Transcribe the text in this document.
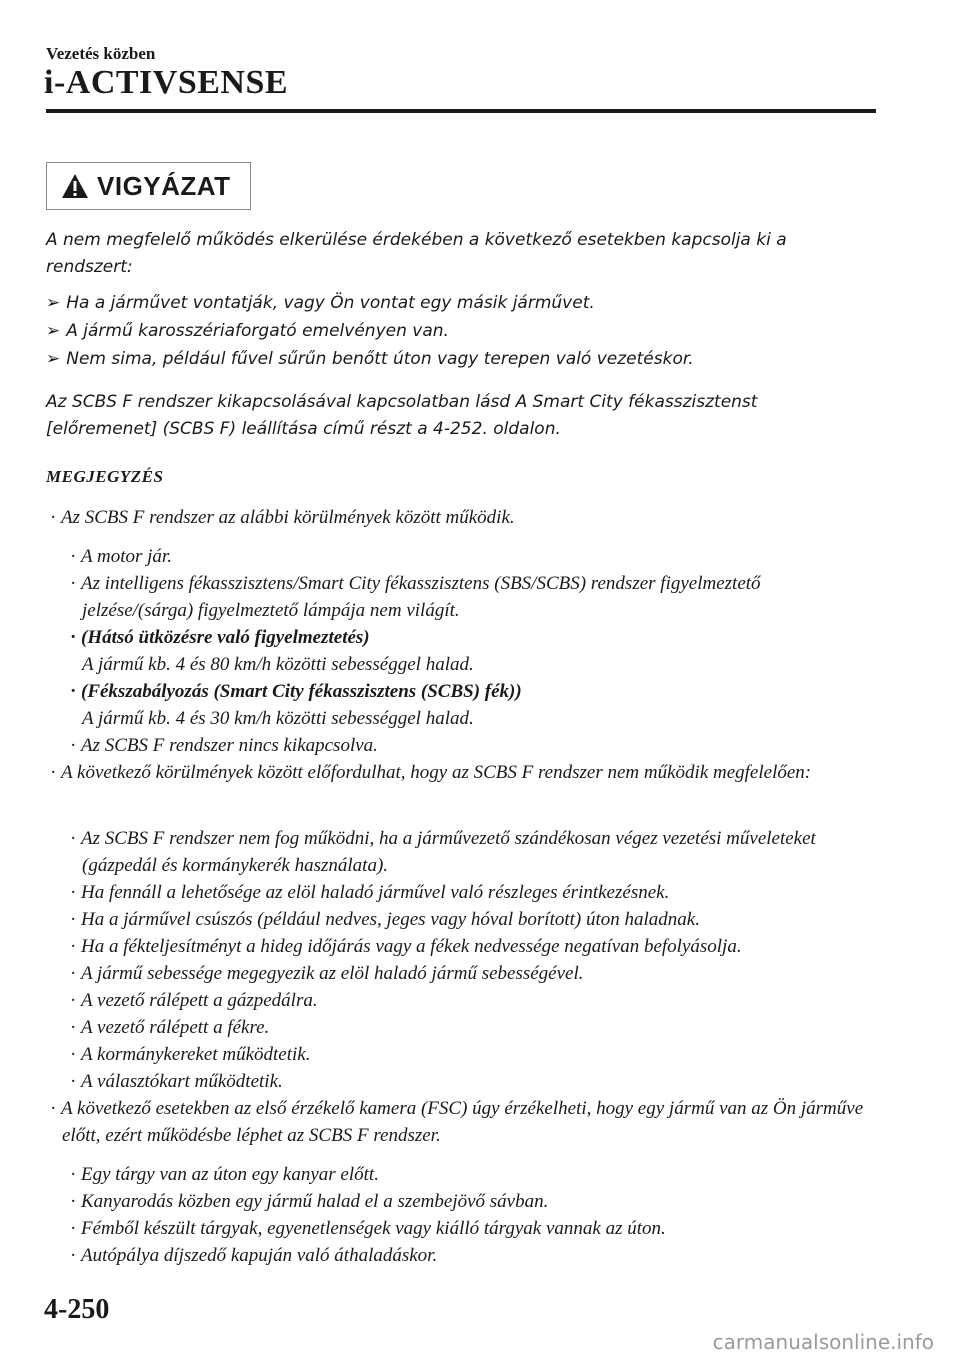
Vezetés közben
i-ACTIVSENSE
VIGYÁZAT
A nem megfelelő működés elkerülése érdekében a következő esetekben kapcsolja ki a rendszert:
➢ Ha a járművet vontatják, vagy Ön vontat egy másik járművet.
➢ A jármű karosszériaforgató emelvényen van.
➢ Nem sima, például fűvel sűrűn benőtt úton vagy terepen való vezetéskor.
Az SCBS F rendszer kikapcsolásával kapcsolatban lásd A Smart City fékasszisztenst [előremenet] (SCBS F) leállítása című részt a 4-252. oldalon.
MEGJEGYZÉS
· Az SCBS F rendszer az alábbi körülmények között működik.
· A motor jár.
· Az intelligens fékasszisztens/Smart City fékasszisztens (SBS/SCBS) rendszer figyelmeztető jelzése/(sárga) figyelmeztető lámpája nem világít.
· (Hátsó ütközésre való figyelmeztetés)
A jármű kb. 4 és 80 km/h közötti sebességgel halad.
· (Fékszabályozás (Smart City fékasszisztens (SCBS) fék))
A jármű kb. 4 és 30 km/h közötti sebességgel halad.
· Az SCBS F rendszer nincs kikapcsolva.
· A következő körülmények között előfordulhat, hogy az SCBS F rendszer nem működik megfelelően:
· Az SCBS F rendszer nem fog működni, ha a járművezető szándékosan végez vezetési műveleteket (gázpedál és kormánykerék használata).
· Ha fennáll a lehetősége az elöl haladó járművel való részleges érintkezésnek.
· Ha a járművel csúszós (például nedves, jeges vagy hóval borított) úton haladnak.
· Ha a fékteljesítményt a hideg időjárás vagy a fékek nedvessége negatívan befolyásolja.
· A jármű sebessége megegyezik az elöl haladó jármű sebességével.
· A vezető rálépett a gázpedálra.
· A vezető rálépett a fékre.
· A kormánykereket működtetik.
· A választókart működtetik.
· A következő esetekben az első érzékelő kamera (FSC) úgy érzékelheti, hogy egy jármű van az Ön járműve előtt, ezért működésbe léphet az SCBS F rendszer.
· Egy tárgy van az úton egy kanyar előtt.
· Kanyarodás közben egy jármű halad el a szembejövő sávban.
· Fémből készült tárgyak, egyenetlenségek vagy kiálló tárgyak vannak az úton.
· Autópálya díjszedő kapuján való áthaladáskor.
4-250
carmanualsonline.info
